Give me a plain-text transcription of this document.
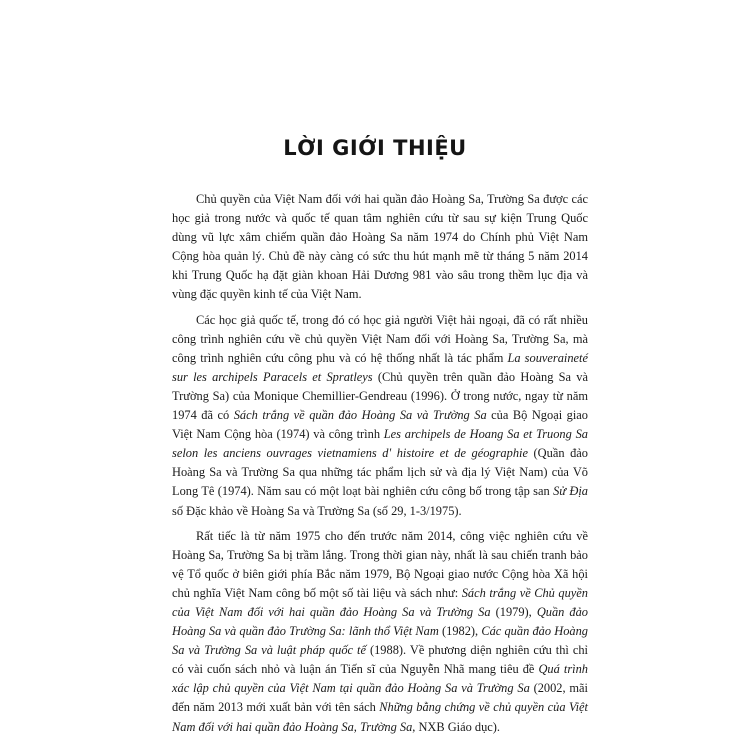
LỜI GIỚI THIỆU

Chủ quyền của Việt Nam đối với hai quần đảo Hoàng Sa, Trường Sa được các học giả trong nước và quốc tế quan tâm nghiên cứu từ sau sự kiện Trung Quốc dùng vũ lực xâm chiếm quần đảo Hoàng Sa năm 1974 do Chính phủ Việt Nam Cộng hòa quản lý. Chủ đề này càng có sức thu hút mạnh mẽ từ tháng 5 năm 2014 khi Trung Quốc hạ đặt giàn khoan Hải Dương 981 vào sâu trong thềm lục địa và vùng đặc quyền kinh tế của Việt Nam.

Các học giả quốc tế, trong đó có học giả người Việt hải ngoại, đã có rất nhiều công trình nghiên cứu về chủ quyền Việt Nam đối với Hoàng Sa, Trường Sa, mà công trình nghiên cứu công phu và có hệ thống nhất là tác phẩm La souveraineté sur les archipels Paracels et Spratleys (Chủ quyền trên quần đảo Hoàng Sa và Trường Sa) của Monique Chemillier-Gendreau (1996). Ở trong nước, ngay từ năm 1974 đã có Sách trắng về quần đảo Hoàng Sa và Trường Sa của Bộ Ngoại giao Việt Nam Cộng hòa (1974) và công trình Les archipels de Hoang Sa et Truong Sa selon les anciens ouvrages vietnamiens d' histoire et de géographie (Quần đảo Hoàng Sa và Trường Sa qua những tác phẩm lịch sử và địa lý Việt Nam) của Võ Long Tê (1974). Năm sau có một loạt bài nghiên cứu công bố trong tập san Sử Địa số Đặc khảo về Hoàng Sa và Trường Sa (số 29, 1-3/1975).

Rất tiếc là từ năm 1975 cho đến trước năm 2014, công việc nghiên cứu về Hoàng Sa, Trường Sa bị trầm lắng. Trong thời gian này, nhất là sau chiến tranh bảo vệ Tổ quốc ở biên giới phía Bắc năm 1979, Bộ Ngoại giao nước Cộng hòa Xã hội chủ nghĩa Việt Nam công bố một số tài liệu và sách như: Sách trắng về Chủ quyền của Việt Nam đối với hai quần đảo Hoàng Sa và Trường Sa (1979), Quần đảo Hoàng Sa và quần đảo Trường Sa: lãnh thổ Việt Nam (1982), Các quần đảo Hoàng Sa và Trường Sa và luật pháp quốc tế (1988). Về phương diện nghiên cứu thì chỉ có vài cuốn sách nhỏ và luận án Tiến sĩ của Nguyễn Nhã mang tiêu đề Quá trình xác lập chủ quyền của Việt Nam tại quần đảo Hoàng Sa và Trường Sa (2002, mãi đến năm 2013 mới xuất bản với tên sách Những bằng chứng về chủ quyền của Việt Nam đối với hai quần đảo Hoàng Sa, Trường Sa, NXB Giáo dục).
